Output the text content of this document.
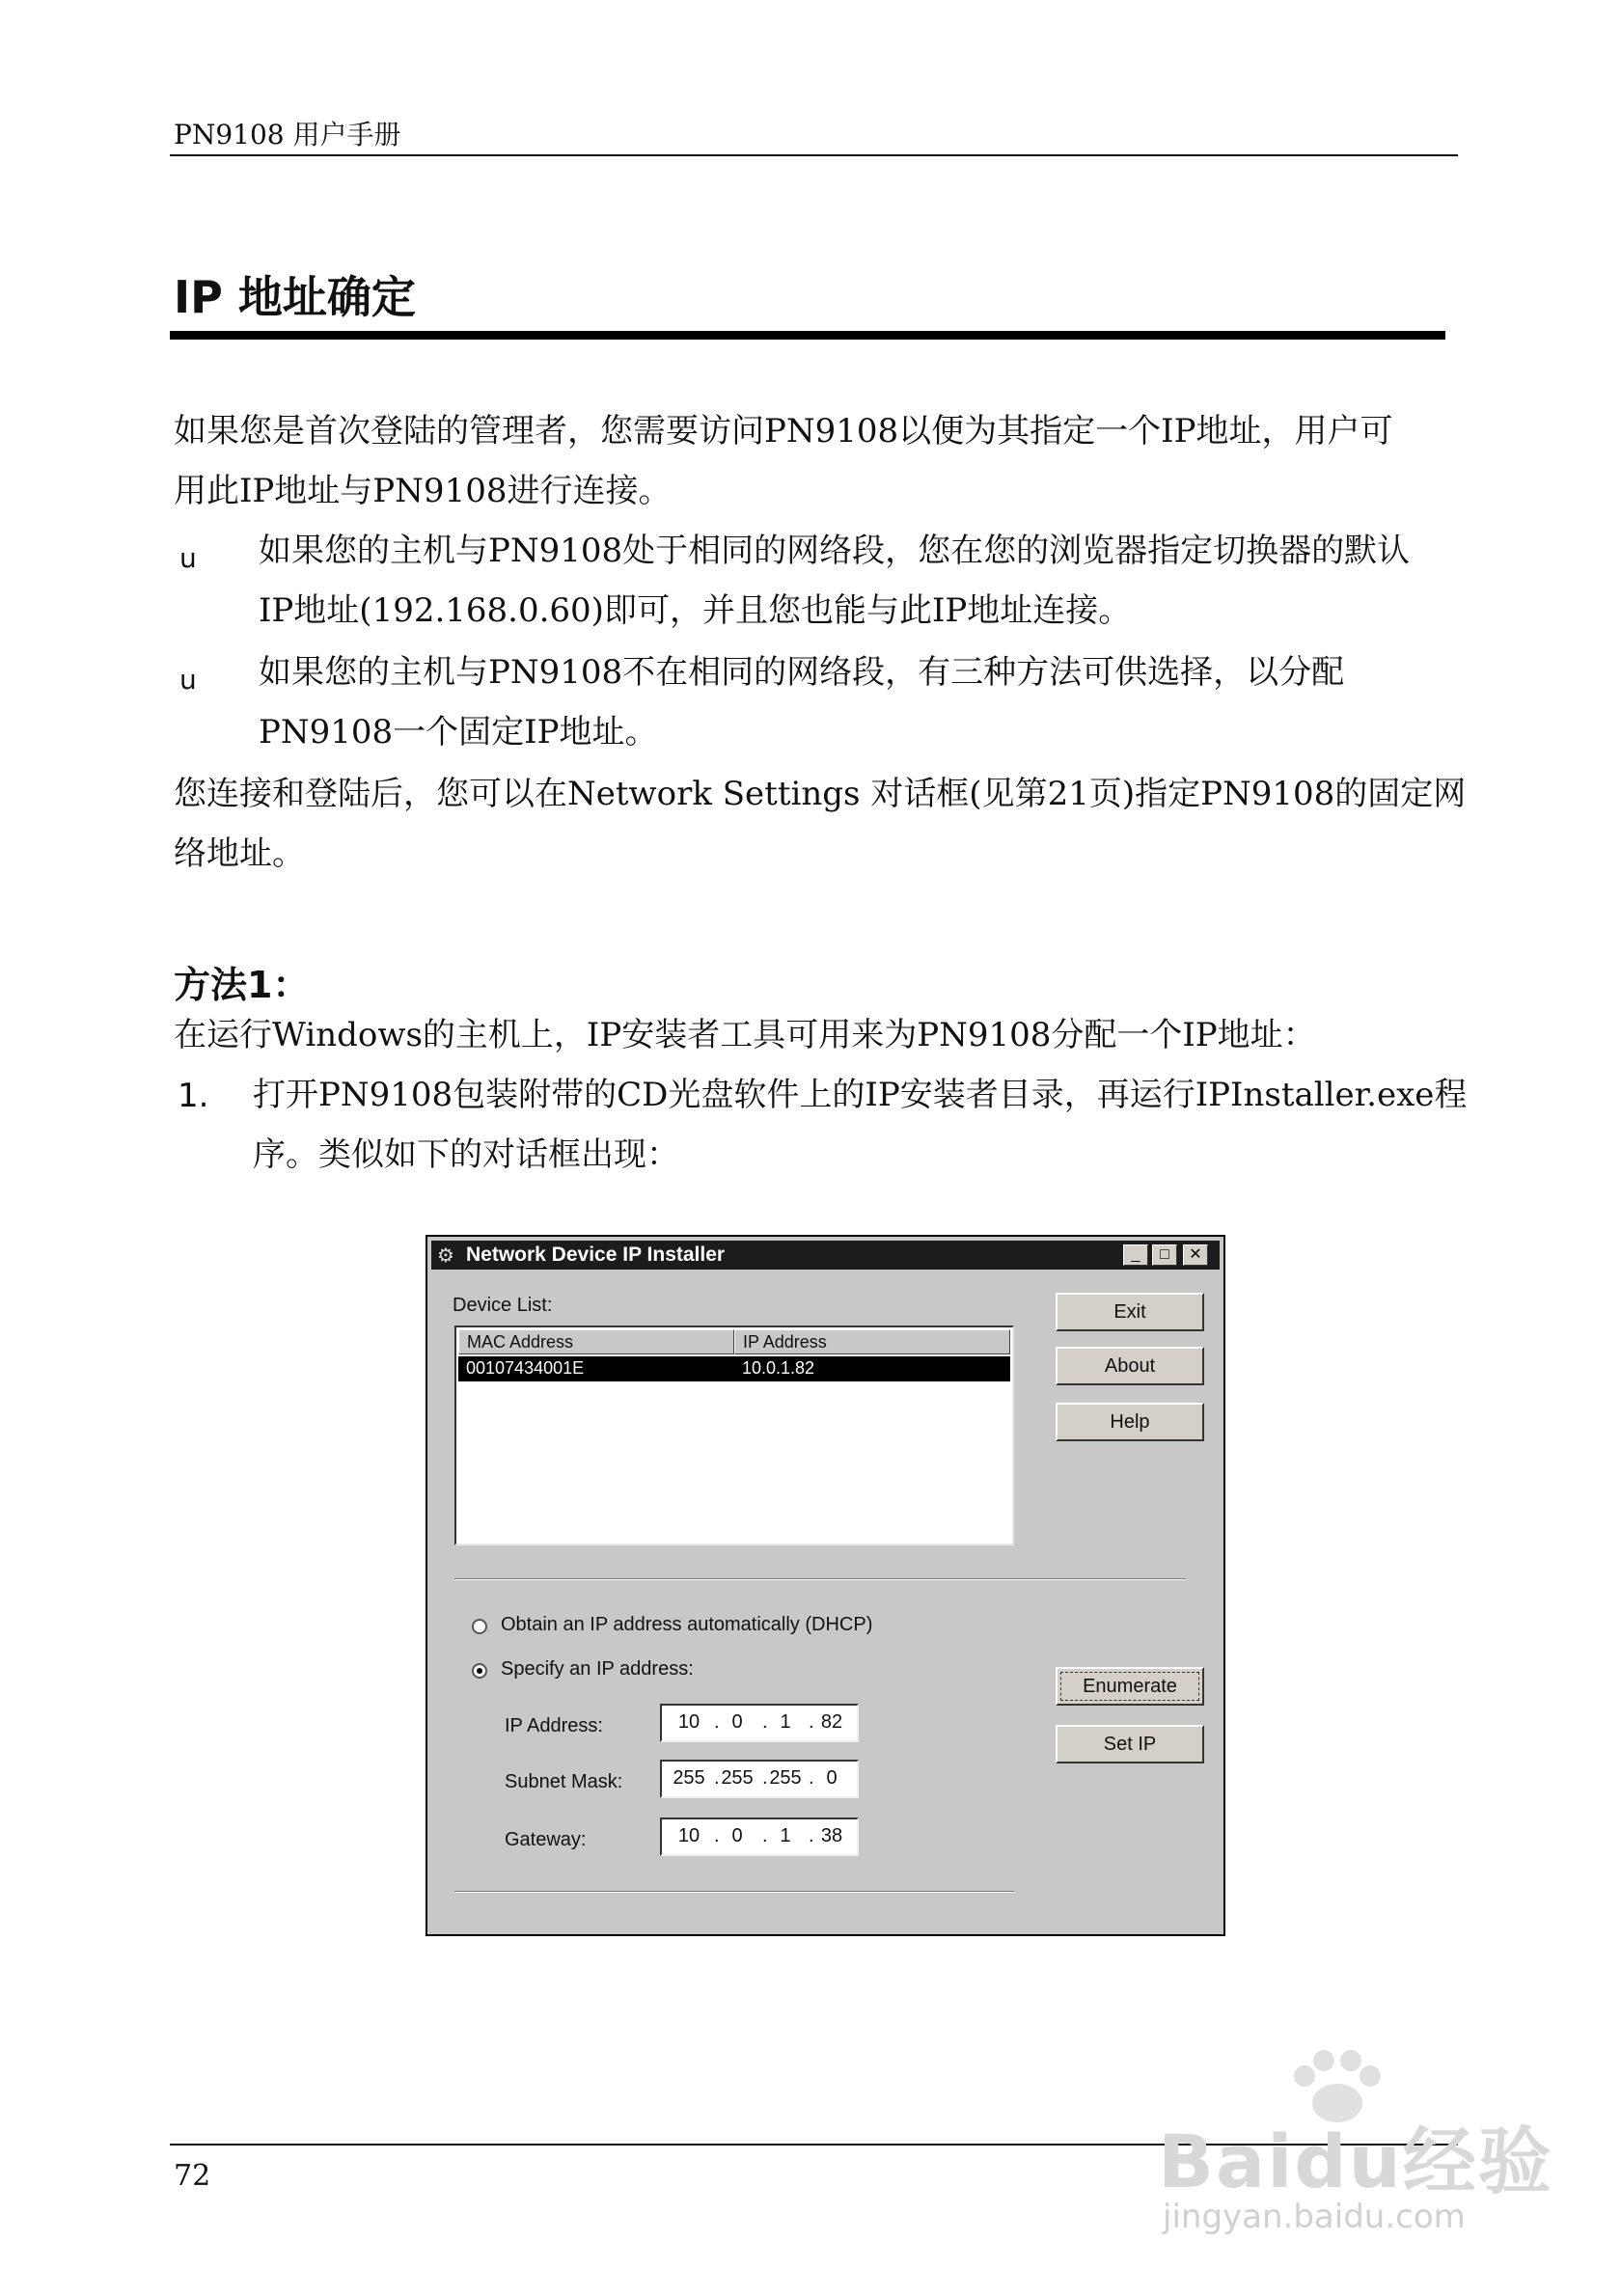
PN9108 用户手册
IP 地址确定
如果您是首次登陆的管理者，您需要访问PN9108以便为其指定一个IP地址，用户可
用此IP地址与PN9108进行连接。
u 如果您的主机与PN9108处于相同的网络段，您在您的浏览器指定切换器的默认
IP地址(192.168.0.60)即可，并且您也能与此IP地址连接。
u 如果您的主机与PN9108不在相同的网络段，有三种方法可供选择，以分配
PN9108一个固定IP地址。
您连接和登陆后，您可以在Network Settings 对话框(见第21页)指定PN9108的固定网
络地址。
方法1：
在运行Windows的主机上，IP安装者工具可用来为PN9108分配一个IP地址：
1. 打开PN9108包装附带的CD光盘软件上的IP安装者目录，再运行IPInstaller.exe程
序。类似如下的对话框出现：
⚙ Network Device IP Installer	_	□	✕
Device List:
MAC Address	IP Address
00107434001E	10.0.1.82
Exit
About
Help
Obtain an IP address automatically (DHCP)
Specify an IP address:
IP Address:	10 . 0	. 1 . 82
Subnet Mask:	255 . 255 . 255 . 0
Gateway:	10 . 0	. 1 . 38
Enumerate
Set IP
72	Baidu经验
jingyan.baidu.com
